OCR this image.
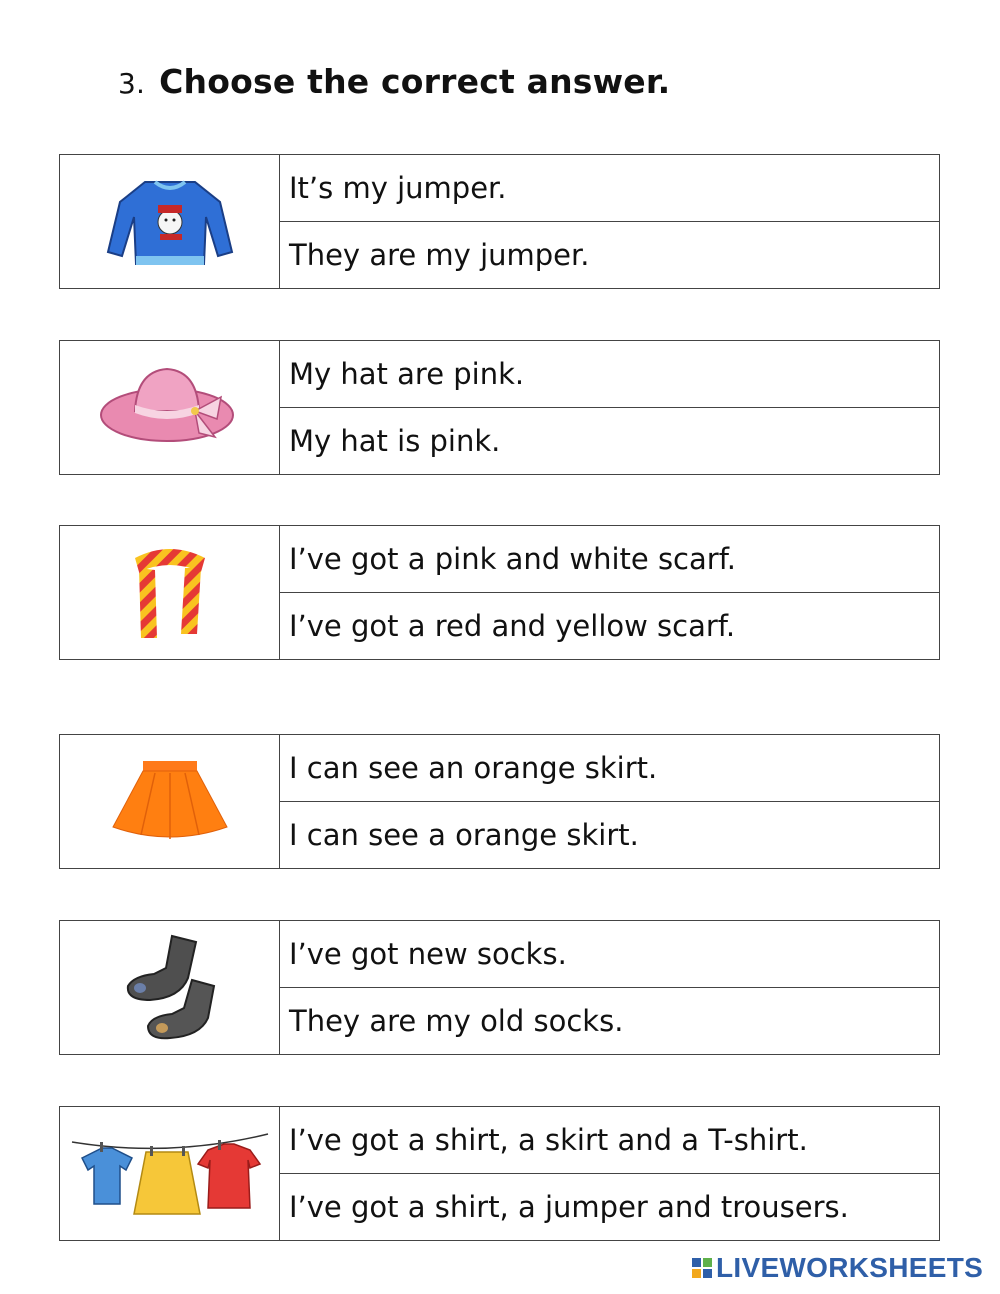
3. Choose the correct answer.
It’s my jumper.
They are my jumper.
My hat are pink.
My hat is pink.
I’ve got a pink and white scarf.
I’ve got a red and yellow scarf.
I can see an orange skirt.
I can see a orange skirt.
I’ve got new socks.
They are my old socks.
I’ve got a shirt, a skirt and a T-shirt.
I’ve got a shirt, a jumper and trousers.
LIVEWORKSHEETS
